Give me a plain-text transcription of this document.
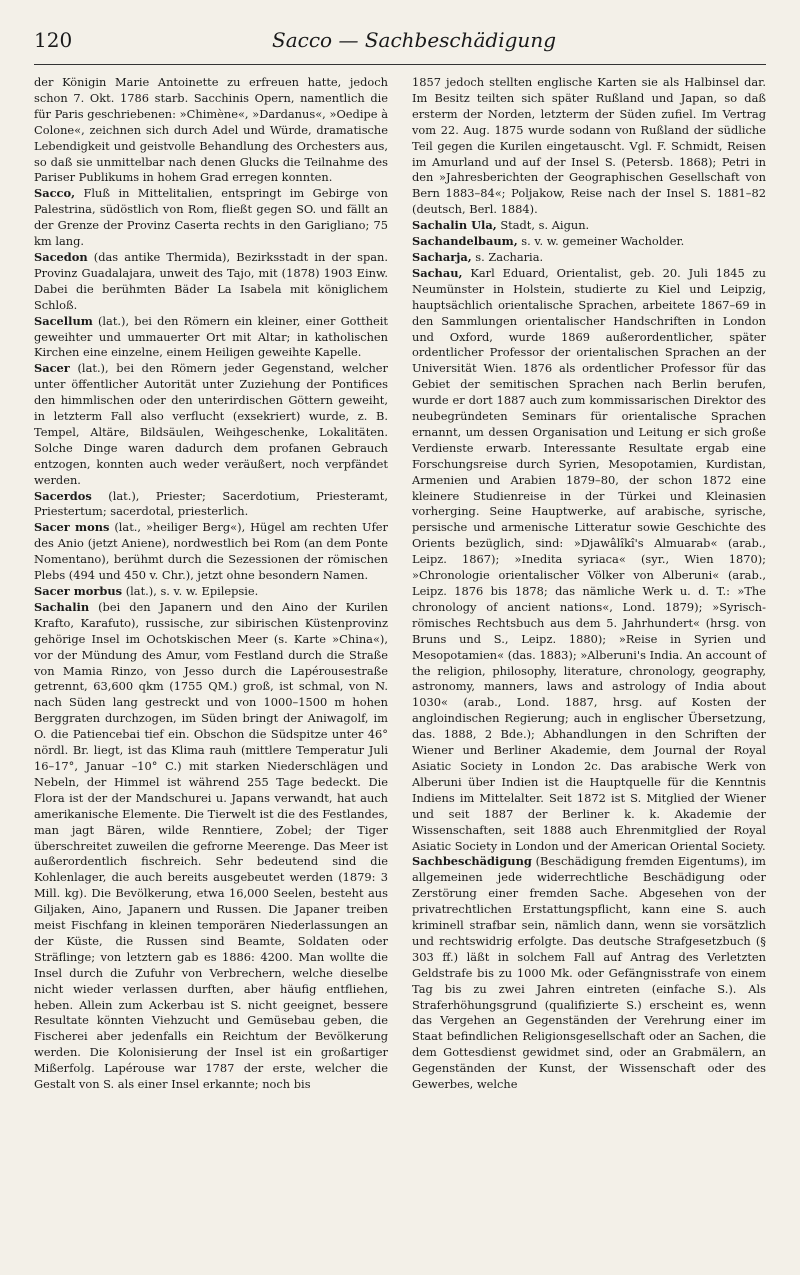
120	Sacco — Sachbeschädigung

der Königin Marie Antoinette zu erfreuen hatte, jedoch schon 7. Okt. 1786 starb. Sacchinis Opern, namentlich die für Paris geschriebenen: »Chimène«, »Dardanus«, »Oedipe à Colone«, zeichnen sich durch Adel und Würde, dramatische Lebendigkeit und geistvolle Behandlung des Orchesters aus, so daß sie unmittelbar nach denen Glucks die Teilnahme des Pariser Publikums in hohem Grad erregen konnten.

Sacco, Fluß in Mittelitalien, entspringt im Gebirge von Palestrina, südöstlich von Rom, fließt gegen SO. und fällt an der Grenze der Provinz Caserta rechts in den Garigliano; 75 km lang.

Sacedon (das antike Thermida), Bezirksstadt in der span. Provinz Guadalajara, unweit des Tajo, mit (1878) 1903 Einw. Dabei die berühmten Bäder La Isabela mit königlichem Schloß.

Sacellum (lat.), bei den Römern ein kleiner, einer Gottheit geweihter und ummauerter Ort mit Altar; in katholischen Kirchen eine einzelne, einem Heiligen geweihte Kapelle.

Sacer (lat.), bei den Römern jeder Gegenstand, welcher unter öffentlicher Autorität unter Zuziehung der Pontifices den himmlischen oder den unterirdischen Göttern geweiht, in letzterm Fall also verflucht (exsekriert) wurde, z. B. Tempel, Altäre, Bildsäulen, Weihgeschenke, Lokalitäten. Solche Dinge waren dadurch dem profanen Gebrauch entzogen, konnten auch weder veräußert, noch verpfändet werden.

Sacerdos (lat.), Priester; Sacerdotium, Priesteramt, Priestertum; sacerdotal, priesterlich.

Sacer mons (lat., »heiliger Berg«), Hügel am rechten Ufer des Anio (jetzt Aniene), nordwestlich bei Rom (an dem Ponte Nomentano), berühmt durch die Sezessionen der römischen Plebs (494 und 450 v. Chr.), jetzt ohne besondern Namen.

Sacer morbus (lat.), s. v. w. Epilepsie.

Sachalin (bei den Japanern und den Aino der Kurilen Krafto, Karafuto), russische, zur sibirischen Küstenprovinz gehörige Insel im Ochotskischen Meer (s. Karte »China«), vor der Mündung des Amur, vom Festland durch die Straße von Mamia Rinzo, von Jesso durch die Lapérousestraße getrennt, 63,600 qkm (1755 QM.) groß, ist schmal, von N. nach Süden lang gestreckt und von 1000–1500 m hohen Berggraten durchzogen, im Süden bringt der Aniwagolf, im O. die Patiencebai tief ein. Obschon die Südspitze unter 46° nördl. Br. liegt, ist das Klima rauh (mittlere Temperatur Juli 16–17°, Januar –10° C.) mit starken Niederschlägen und Nebeln, der Himmel ist während 255 Tage bedeckt. Die Flora ist der der Mandschurei u. Japans verwandt, hat auch amerikanische Elemente. Die Tierwelt ist die des Festlandes, man jagt Bären, wilde Renntiere, Zobel; der Tiger überschreitet zuweilen die gefrorne Meerenge. Das Meer ist außerordentlich fischreich. Sehr bedeutend sind die Kohlenlager, die auch bereits ausgebeutet werden (1879: 3 Mill. kg). Die Bevölkerung, etwa 16,000 Seelen, besteht aus Giljaken, Aino, Japanern und Russen. Die Japaner treiben meist Fischfang in kleinen temporären Niederlassungen an der Küste, die Russen sind Beamte, Soldaten oder Sträflinge; von letztern gab es 1886: 4200. Man wollte die Insel durch die Zufuhr von Verbrechern, welche dieselbe nicht wieder verlassen durften, aber häufig entfliehen, heben. Allein zum Ackerbau ist S. nicht geeignet, bessere Resultate könnten Viehzucht und Gemüsebau geben, die Fischerei aber jedenfalls ein Reichtum der Bevölkerung werden. Die Kolonisierung der Insel ist ein großartiger Mißerfolg. Lapérouse war 1787 der erste, welcher die Gestalt von S. als einer Insel erkannte; noch bis

1857 jedoch stellten englische Karten sie als Halbinsel dar. Im Besitz teilten sich später Rußland und Japan, so daß ersterm der Norden, letzterm der Süden zufiel. Im Vertrag vom 22. Aug. 1875 wurde sodann von Rußland der südliche Teil gegen die Kurilen eingetauscht. Vgl. F. Schmidt, Reisen im Amurland und auf der Insel S. (Petersb. 1868); Petri in den »Jahresberichten der Geographischen Gesellschaft von Bern 1883–84«; Poljakow, Reise nach der Insel S. 1881–82 (deutsch, Berl. 1884).

Sachalin Ula, Stadt, s. Aigun.

Sachandelbaum, s. v. w. gemeiner Wacholder.

Sacharja, s. Zacharia.

Sachau, Karl Eduard, Orientalist, geb. 20. Juli 1845 zu Neumünster in Holstein, studierte zu Kiel und Leipzig, hauptsächlich orientalische Sprachen, arbeitete 1867–69 in den Sammlungen orientalischer Handschriften in London und Oxford, wurde 1869 außerordentlicher, später ordentlicher Professor der orientalischen Sprachen an der Universität Wien. 1876 als ordentlicher Professor für das Gebiet der semitischen Sprachen nach Berlin berufen, wurde er dort 1887 auch zum kommissarischen Direktor des neubegründeten Seminars für orientalische Sprachen ernannt, um dessen Organisation und Leitung er sich große Verdienste erwarb. Interessante Resultate ergab eine Forschungsreise durch Syrien, Mesopotamien, Kurdistan, Armenien und Arabien 1879–80, der schon 1872 eine kleinere Studienreise in der Türkei und Kleinasien vorherging. Seine Hauptwerke, auf arabische, syrische, persische und armenische Litteratur sowie Geschichte des Orients bezüglich, sind: »Djawâlîkî's Almuarab« (arab., Leipz. 1867); »Inedita syriaca« (syr., Wien 1870); »Chronologie orientalischer Völker von Alberuni« (arab., Leipz. 1876 bis 1878; das nämliche Werk u. d. T.: »The chronology of ancient nations«, Lond. 1879); »Syrisch-römisches Rechtsbuch aus dem 5. Jahrhundert« (hrsg. von Bruns und S., Leipz. 1880); »Reise in Syrien und Mesopotamien« (das. 1883); »Alberuni's India. An account of the religion, philosophy, literature, chronology, geography, astronomy, manners, laws and astrology of India about 1030« (arab., Lond. 1887, hrsg. auf Kosten der angloindischen Regierung; auch in englischer Übersetzung, das. 1888, 2 Bde.); Abhandlungen in den Schriften der Wiener und Berliner Akademie, dem Journal der Royal Asiatic Society in London 2c. Das arabische Werk von Alberuni über Indien ist die Hauptquelle für die Kenntnis Indiens im Mittelalter. Seit 1872 ist S. Mitglied der Wiener und seit 1887 der Berliner k. k. Akademie der Wissenschaften, seit 1888 auch Ehrenmitglied der Royal Asiatic Society in London und der American Oriental Society.

Sachbeschädigung (Beschädigung fremden Eigentums), im allgemeinen jede widerrechtliche Beschädigung oder Zerstörung einer fremden Sache. Abgesehen von der privatrechtlichen Erstattungspflicht, kann eine S. auch kriminell strafbar sein, nämlich dann, wenn sie vorsätzlich und rechtswidrig erfolgte. Das deutsche Strafgesetzbuch (§ 303 ff.) läßt in solchem Fall auf Antrag des Verletzten Geldstrafe bis zu 1000 Mk. oder Gefängnisstrafe von einem Tag bis zu zwei Jahren eintreten (einfache S.). Als Straferhöhungsgrund (qualifizierte S.) erscheint es, wenn das Vergehen an Gegenständen der Verehrung einer im Staat befindlichen Religionsgesellschaft oder an Sachen, die dem Gottesdienst gewidmet sind, oder an Grabmälern, an Gegenständen der Kunst, der Wissenschaft oder des Gewerbes, welche
